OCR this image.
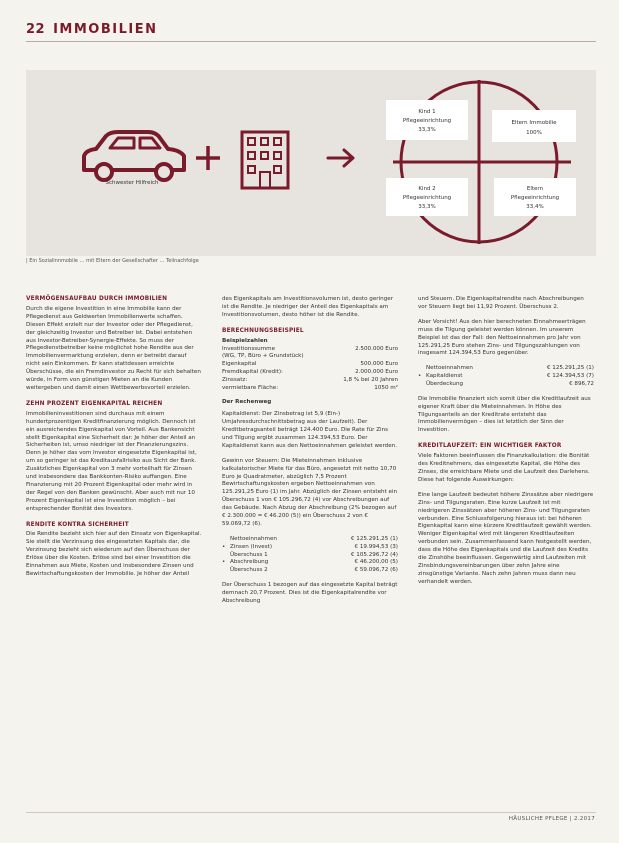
22 IMMOBILIEN
Schwester Hilfreich
Kind 1
Pflegeeinrichtung
33,3%
Eltern Immobilie
100%
Kind 2
Pflegeeinrichtung
33,3%
Eltern
Pflegeeinrichtung
33,4%
| Ein Sozialinnmobile … mit Eltern der Gesellschafter … Teilnachfolge
VERMÖGENSAUFBAU DURCH IMMOBILIEN

Durch die eigene Investition in eine Immobilie kann der Pflegedienst aus Geldwerten Immobilienwerte schaffen. Diesen Effekt erzielt nur der Investor oder der Pflegedienst, der gleichzeitig Investor und Betreiber ist. Dabei entstehen aus Investor-Betreiber-Synergie-Effekte. So muss der Pflegedienstbetreiber keine möglichst hohe Rendite aus der Immobilienvermarktung erzielen, denn er betreibt darauf nicht sein Einkommen. Er kann stattdessen erreichte Überschüsse, die ein Fremdinvestor zu Recht für sich behalten würde, in Form von günstigen Mieten an die Kunden weitergeben und damit einen Wettbewerbsvorteil erzielen.

ZEHN PROZENT EIGENKAPITAL REICHEN

Immobilieninvestitionen sind durchaus mit einem hundertprozentigen Kreditfinanzierung möglich. Dennoch ist ein ausreichendes Eigenkapital von Vorteil. Aus Bankensicht stellt Eigenkapital eine Sicherheit dar: Je höher der Anteil an Sicherheiten ist, umso niedriger ist der Finanzierungszins. Denn je höher das vom Investor eingesetzte Eigenkapital ist, um so geringer ist das Kreditausfallrisiko aus Sicht der Bank. Zusätzliches Eigenkapital von 3 mehr vorteilhaft für Zinsen und insbesondere das Bankkonten-Risiko auffangen. Eine Finanzierung mit 20 Prozent Eigenkapital oder mehr wird in der Regel von den Banken gewünscht. Aber auch mit nur 10 Prozent Eigenkapital ist eine Investition möglich – bei entsprechender Bonität des Investors.

RENDITE KONTRA SICHERHEIT

Die Rendite bezieht sich hier auf den Einsatz von Eigenkapital. Sie stellt die Verzinsung des eingesetzten Kapitals dar, die Verzinsung bezieht sich wiederum auf den Überschuss der Erlöse über die Kosten. Erlöse sind bei einer Investition die Einnahmen aus Miete, Kosten und insbesondere Zinsen und Bewirtschaftungskosten der Immobilie. Je höher der Anteil

des Eigenkapitals am Investitionsvolumen ist, desto geringer ist die Rendite. Je niedriger der Anteil des Eigenkapitals am Investitionsvolumen, desto höher ist die Rendite.

BERECHNUNGSBEISPIEL
Beispielzahlen
Investitionssumme	2.500.000 Euro
(WG, TP, Büro + Grundstück)	
Eigenkapital	500.000 Euro
Fremdkapital (Kredit):	2.000.000 Euro
Zinssatz:	1,8 % bei 20 Jahren
vermietbare Fläche:	1050 m²
Der Rechenweg

Kapitaldienst: Der Zinsbetrag ist 5,9 (Ein-) Umjahresdurchschnittsbetrag aus der Laufzeit). Der Kreditbetragsanteil beträgt 124.400 Euro. Die Rate für Zins und Tilgung ergibt zusammen 124.394,53 Euro. Der Kapitaldienst kann aus den Nettoeinnahmen geleistet werden.

Gewinn vor Steuern: Die Mieteinnahmen inklusive kalkulatorischer Miete für das Büro, angesetzt mit netto 10,70 Euro je Quadratmeter, abzüglich 7,5 Prozent Bewirtschaftungskosten ergeben Nettoeinnahmen von 125.291,25 Euro (1) im Jahr. Abzüglich der Zinsen entsteht ein Überschuss 1 von € 105.296,72 (4) vor Abschreibungen auf das Gebäude. Nach Abzug der Abschreibung (2% bezogen auf € 2.300.000 = € 46.200 (5)) ein Überschuss 2 von € 59.069,72 (6).

	Nettoeinnahmen	€ 125.291,25 (1)
•	Zinsen (Invest)	€ 19.994,53 (3)
	Überschuss 1	€ 105.296,72 (4)
•	Abschreibung	€ 46.200,00 (5)
	Überschuss 2	€ 59.096,72 (6)

Der Überschuss 1 bezogen auf das eingesetzte Kapital beträgt demnach 20,7 Prozent. Dies ist die Eigenkapitalrendite vor Abschreibung

und Steuern. Die Eigenkapitalrendite nach Abschreibungen vor Steuern liegt bei 11,92 Prozent. Überschuss 2.

Aber Vorsicht! Aus den hier berechneten Einnahmeerträgen muss die Tilgung geleistet werden können. Im unserem Beispiel ist das der Fall: den Nettoeinnahmen pro Jahr von 125.291,25 Euro stehen Zins- und Tilgungszahlungen von insgesamt 124.394,53 Euro gegenüber.

	Nettoeinnahmen	€ 125.291,25 (1)
•	Kapitaldienst	€ 124.394,53 (7)
	Überdeckung	€ 896,72

Die Immobilie finanziert sich somit über die Kreditlaufzeit aus eigener Kraft über die Mieteinnahmen. In Höhe des Tilgungsanteils an der Kreditrate entsteht das Immobilienvermögen – dies ist letztlich der Sinn der Investition.

KREDITLAUFZEIT: EIN WICHTIGER FAKTOR

Viele Faktoren beeinflussen die Finanzkalkulation: die Bonität des Kreditnehmers, das eingesetzte Kapital, die Höhe des Zinses, die erreichbare Miete und die Laufzeit des Darlehens. Diese hat folgende Auswirkungen:

Eine lange Laufzeit bedeutet höhere Zinssätze aber niedrigere Zins- und Tilgungsraten. Eine kurze Laufzeit ist mit niedrigeren Zinssätzen aber höheren Zins- und Tilgungsraten verbunden. Eine Schlussfolgerung hieraus ist: bei höheren Eigenkapital kann eine kürzere Kreditlaufzeit gewählt werden. Weniger Eigenkapital wird mit längeren Kreditlaufzeiten verbunden sein. Zusammenfassend kann festgestellt werden, dass die Höhe des Eigenkapitals und die Laufzeit des Kredits die Zinshöhe beeinflussen. Gegenwärtig sind Laufzeiten mit Zinsbindungsvereinbarungen über zehn Jahre eine zinsgünstige Variante. Nach zehn Jahren muss dann neu verhandelt werden.

HÄUSLICHE PFLEGE | 2.2017
